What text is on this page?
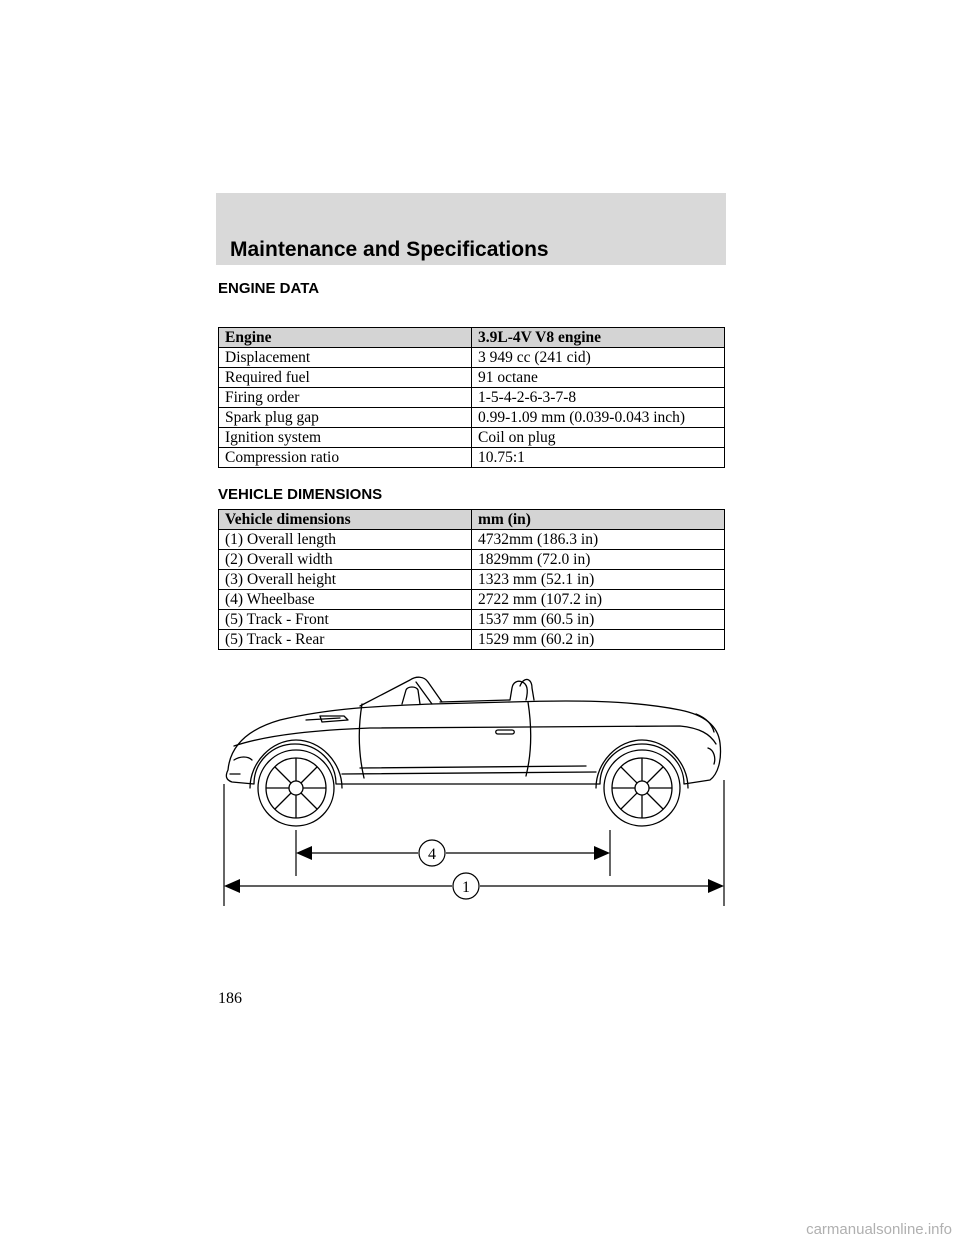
Maintenance and Specifications
ENGINE DATA
Engine	3.9L-4V V8 engine
Displacement	3 949 cc (241 cid)
Required fuel	91 octane
Firing order	1-5-4-2-6-3-7-8
Spark plug gap	0.99-1.09 mm (0.039-0.043 inch)
Ignition system	Coil on plug
Compression ratio	10.75:1
VEHICLE DIMENSIONS
Vehicle dimensions	mm (in)
(1) Overall length	4732mm (186.3 in)
(2) Overall width	1829mm (72.0 in)
(3) Overall height	1323 mm (52.1 in)
(4) Wheelbase	2722 mm (107.2 in)
(5) Track - Front	1537 mm (60.5 in)
(5) Track - Rear	1529 mm (60.2 in)
4
1
186
carmanualsonline.info
